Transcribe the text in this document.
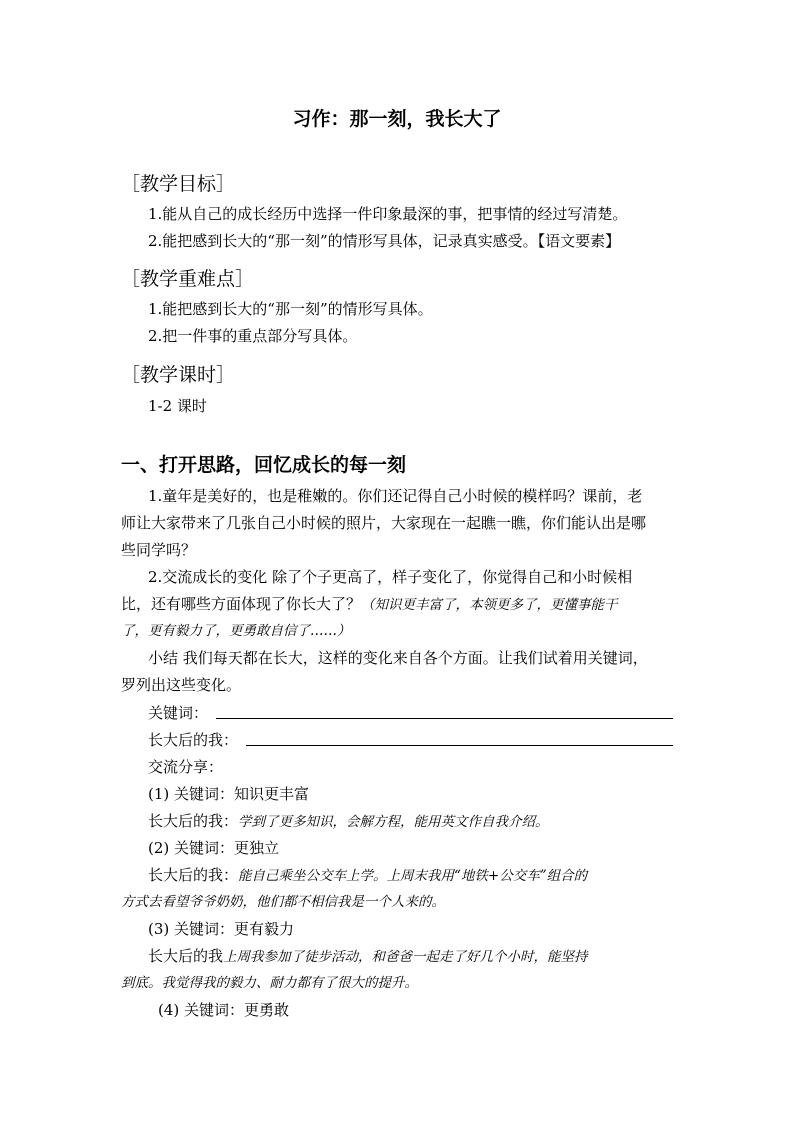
习作：那一刻，我长大了
［教学目标］
1.能从自己的成长经历中选择一件印象最深的事，把事情的经过写清楚。
2.能把感到长大的“那一刻”的情形写具体，记录真实感受。【语文要素】
［教学重难点］
1.能把感到长大的“那一刻”的情形写具体。
2.把一件事的重点部分写具体。
［教学课时］
1-2 课时
一、打开思路，回忆成长的每一刻
1.童年是美好的，也是稚嫩的。你们还记得自己小时候的模样吗？课前，老
师让大家带来了几张自己小时候的照片，大家现在一起瞧一瞧，你们能认出是哪
些同学吗？
2.交流成长的变化 除了个子更高了，样子变化了，你觉得自己和小时候相
比，还有哪些方面体现了你长大了？（知识更丰富了，本领更多了，更懂事能干
了，更有毅力了，更勇敢自信了……）
小结 我们每天都在长大，这样的变化来自各个方面。让我们试着用关键词，
罗列出这些变化。
关键词：
长大后的我：
交流分享：
(1) 关键词：知识更丰富
长大后的我：学到了更多知识，会解方程，能用英文作自我介绍。
(2) 关键词：更独立
长大后的我：能自己乘坐公交车上学。上周末我用“地铁+公交车”组合的
方式去看望爷爷奶奶，他们都不相信我是一个人来的。
(3) 关键词：更有毅力
长大后的我上周我参加了徒步活动，和爸爸一起走了好几个小时，能坚持
到底。我觉得我的毅力、耐力都有了很大的提升。
(4) 关键词：更勇敢
